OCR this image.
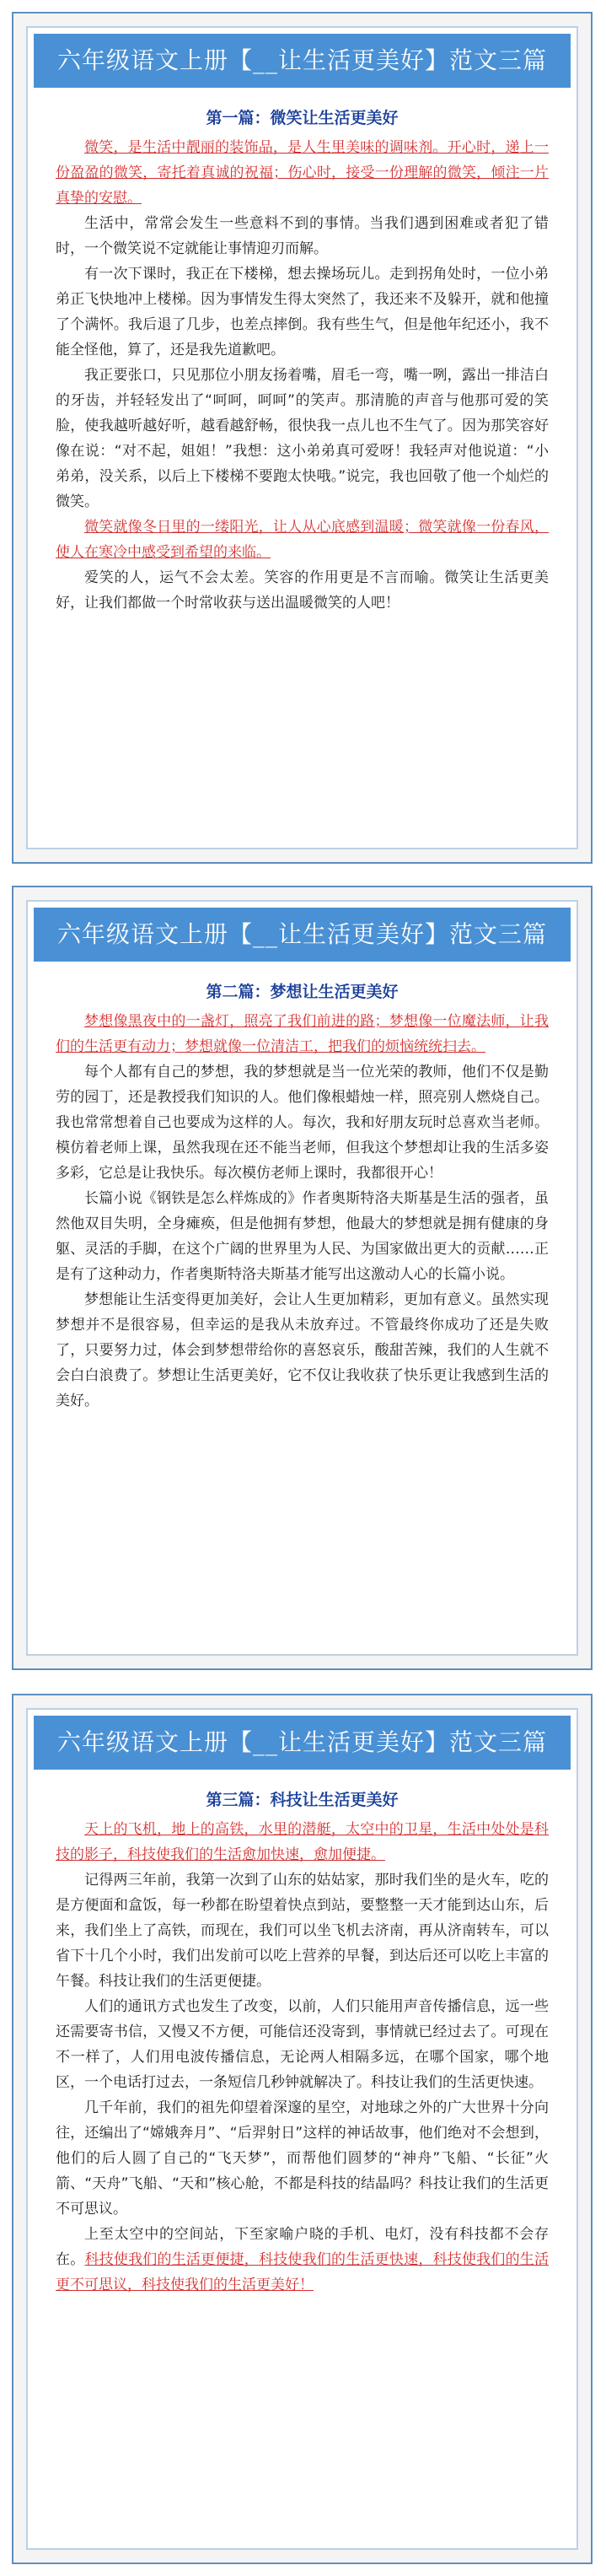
六年级语文上册【__让生活更美好】范文三篇
第一篇：微笑让生活更美好

微笑，是生活中靓丽的装饰品，是人生里美味的调味剂。开心时，递上一份盈盈的微笑，寄托着真诚的祝福；伤心时，接受一份理解的微笑，倾注一片真挚的安慰。

生活中，常常会发生一些意料不到的事情。当我们遇到困难或者犯了错时，一个微笑说不定就能让事情迎刃而解。

有一次下课时，我正在下楼梯，想去操场玩儿。走到拐角处时，一位小弟弟正飞快地冲上楼梯。因为事情发生得太突然了，我还来不及躲开，就和他撞了个满怀。我后退了几步，也差点摔倒。我有些生气，但是他年纪还小，我不能全怪他，算了，还是我先道歉吧。

我正要张口，只见那位小朋友扬着嘴，眉毛一弯，嘴一咧，露出一排洁白的牙齿，并轻轻发出了“呵呵，呵呵”的笑声。那清脆的声音与他那可爱的笑脸，使我越听越好听，越看越舒畅，很快我一点儿也不生气了。因为那笑容好像在说：“对不起，姐姐！”我想：这小弟弟真可爱呀！我轻声对他说道：“小弟弟，没关系，以后上下楼梯不要跑太快哦。”说完，我也回敬了他一个灿烂的微笑。

微笑就像冬日里的一缕阳光，让人从心底感到温暖；微笑就像一份春风，使人在寒冷中感受到希望的来临。

爱笑的人，运气不会太差。笑容的作用更是不言而喻。微笑让生活更美好，让我们都做一个时常收获与送出温暖微笑的人吧！

六年级语文上册【__让生活更美好】范文三篇
第二篇：梦想让生活更美好

梦想像黑夜中的一盏灯，照亮了我们前进的路；梦想像一位魔法师，让我们的生活更有动力；梦想就像一位清洁工，把我们的烦恼统统扫去。

每个人都有自己的梦想，我的梦想就是当一位光荣的教师，他们不仅是勤劳的园丁，还是教授我们知识的人。他们像根蜡烛一样，照亮别人燃烧自己。我也常常想着自己也要成为这样的人。每次，我和好朋友玩时总喜欢当老师。模仿着老师上课，虽然我现在还不能当老师，但我这个梦想却让我的生活多姿多彩，它总是让我快乐。每次模仿老师上课时，我都很开心！

长篇小说《钢铁是怎么样炼成的》作者奥斯特洛夫斯基是生活的强者，虽然他双目失明，全身瘫痪，但是他拥有梦想，他最大的梦想就是拥有健康的身躯、灵活的手脚，在这个广阔的世界里为人民、为国家做出更大的贡献……正是有了这种动力，作者奥斯特洛夫斯基才能写出这激动人心的长篇小说。

梦想能让生活变得更加美好，会让人生更加精彩，更加有意义。虽然实现梦想并不是很容易，但幸运的是我从未放弃过。不管最终你成功了还是失败了，只要努力过，体会到梦想带给你的喜怒哀乐，酸甜苦辣，我们的人生就不会白白浪费了。梦想让生活更美好，它不仅让我收获了快乐更让我感到生活的美好。

六年级语文上册【__让生活更美好】范文三篇
第三篇：科技让生活更美好

天上的飞机，地上的高铁，水里的潜艇，太空中的卫星，生活中处处是科技的影子，科技使我们的生活愈加快速，愈加便捷。

记得两三年前，我第一次到了山东的姑姑家，那时我们坐的是火车，吃的是方便面和盒饭，每一秒都在盼望着快点到站，要整整一天才能到达山东，后来，我们坐上了高铁，而现在，我们可以坐飞机去济南，再从济南转车，可以省下十几个小时，我们出发前可以吃上营养的早餐，到达后还可以吃上丰富的午餐。科技让我们的生活更便捷。

人们的通讯方式也发生了改变，以前，人们只能用声音传播信息，远一些还需要寄书信，又慢又不方便，可能信还没寄到，事情就已经过去了。可现在不一样了，人们用电波传播信息，无论两人相隔多远，在哪个国家，哪个地区，一个电话打过去，一条短信几秒钟就解决了。科技让我们的生活更快速。

几千年前，我们的祖先仰望着深邃的星空，对地球之外的广大世界十分向往，还编出了“嫦娥奔月”、“后羿射日”这样的神话故事，他们绝对不会想到，他们的后人圆了自己的“飞天梦”，而帮他们圆梦的“神舟”飞船、“长征”火箭、“天舟”飞船、“天和”核心舱，不都是科技的结晶吗？科技让我们的生活更不可思议。

上至太空中的空间站，下至家喻户晓的手机、电灯，没有科技都不会存在。科技使我们的生活更便捷，科技使我们的生活更快速，科技使我们的生活更不可思议，科技使我们的生活更美好！
